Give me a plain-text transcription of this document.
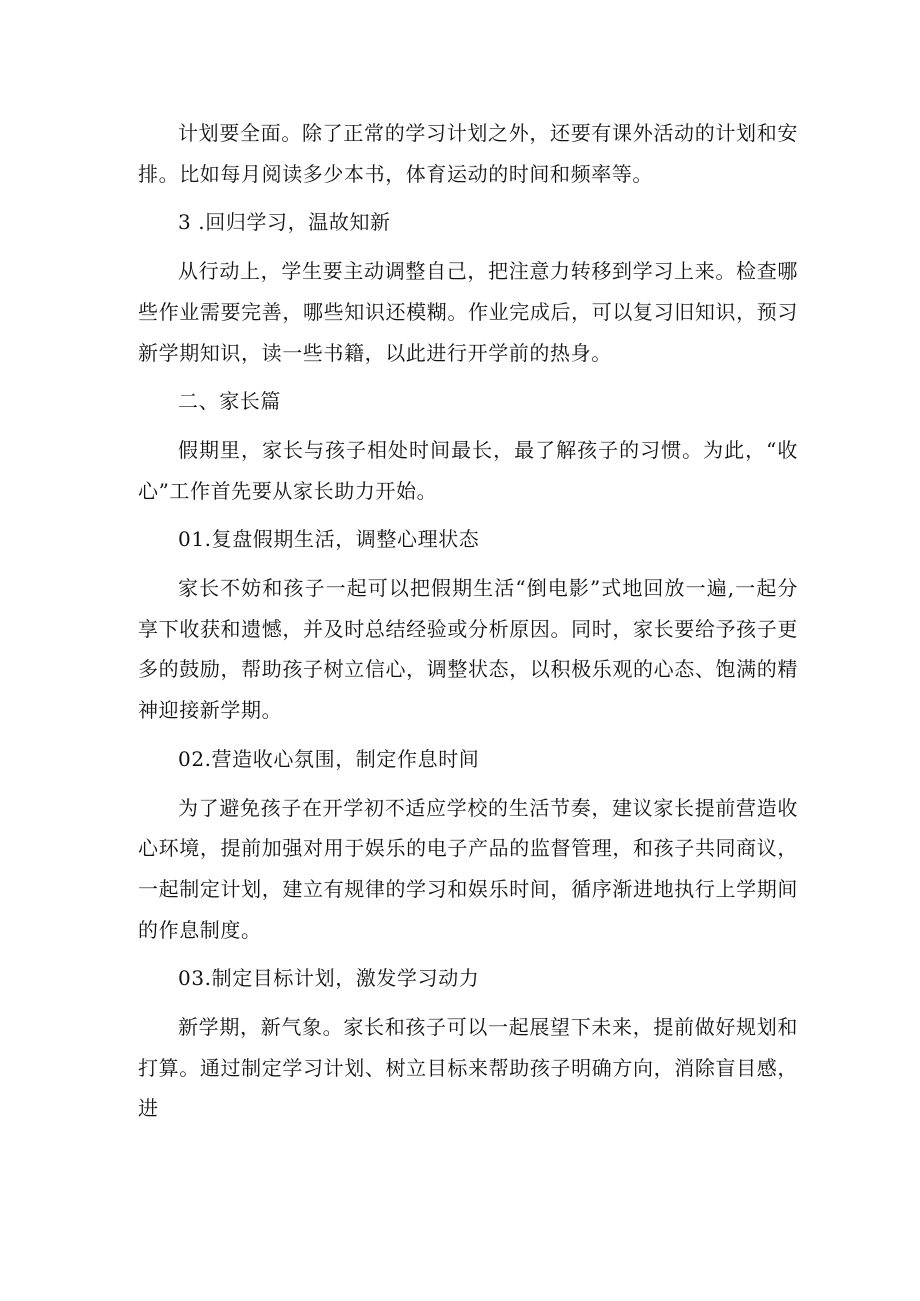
计划要全面。除了正常的学习计划之外，还要有课外活动的计划和安排。比如每月阅读多少本书，体育运动的时间和频率等。

3 .回归学习，温故知新

从行动上，学生要主动调整自己，把注意力转移到学习上来。检查哪些作业需要完善，哪些知识还模糊。作业完成后，可以复习旧知识，预习新学期知识，读一些书籍，以此进行开学前的热身。

二、家长篇

假期里，家长与孩子相处时间最长，最了解孩子的习惯。为此，“收心”工作首先要从家长助力开始。

01.复盘假期生活，调整心理状态

家长不妨和孩子一起可以把假期生活“倒电影”式地回放一遍,一起分享下收获和遗憾，并及时总结经验或分析原因。同时，家长要给予孩子更多的鼓励，帮助孩子树立信心，调整状态，以积极乐观的心态、饱满的精神迎接新学期。

02.营造收心氛围，制定作息时间

为了避免孩子在开学初不适应学校的生活节奏，建议家长提前营造收心环境，提前加强对用于娱乐的电子产品的监督管理，和孩子共同商议，一起制定计划，建立有规律的学习和娱乐时间，循序渐进地执行上学期间的作息制度。

03.制定目标计划，激发学习动力

新学期，新气象。家长和孩子可以一起展望下未来，提前做好规划和打算。通过制定学习计划、树立目标来帮助孩子明确方向，消除盲目感，进
